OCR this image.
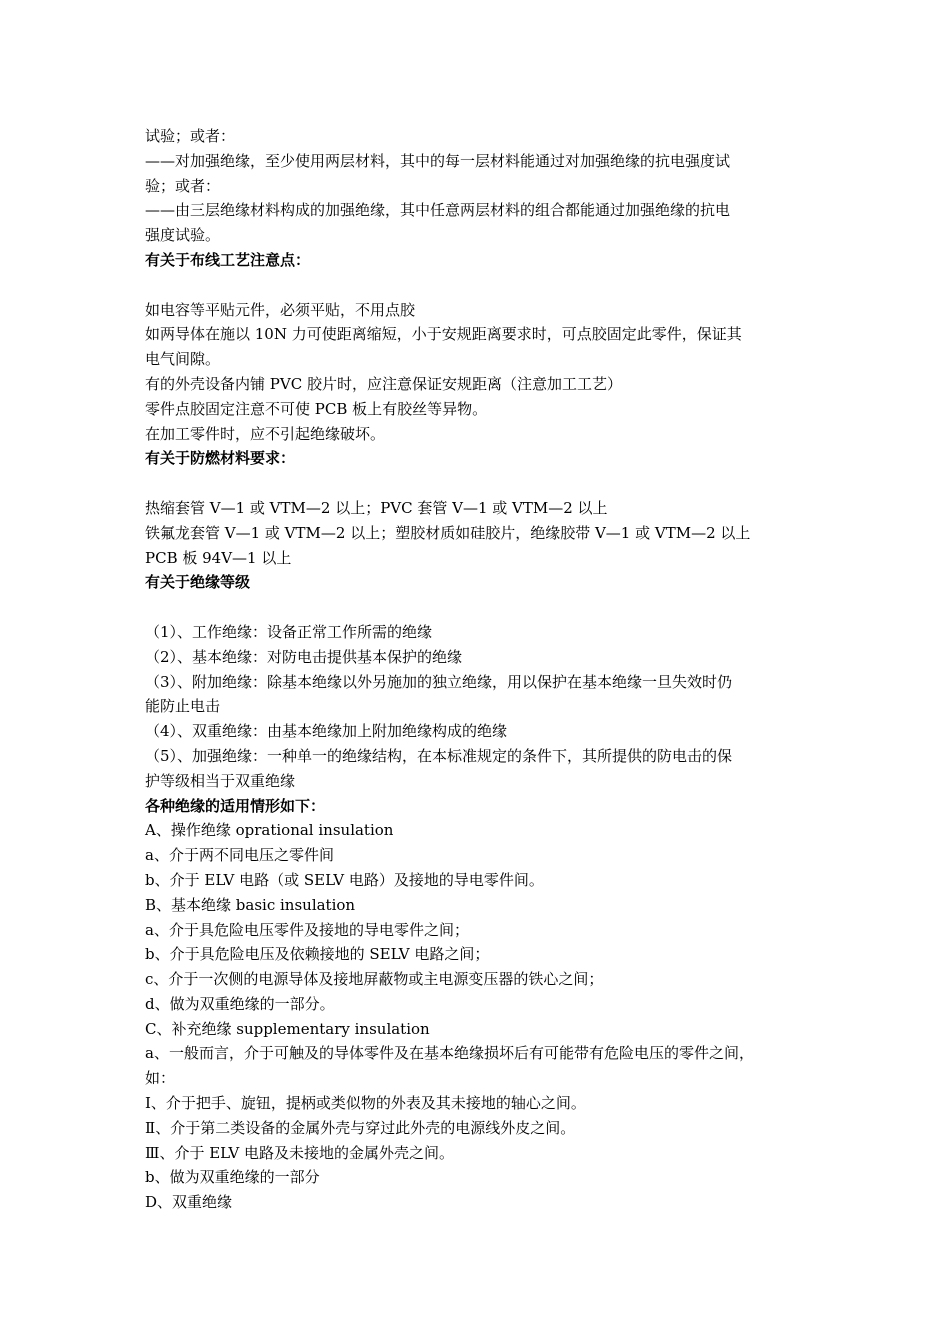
试验；或者：

——对加强绝缘，至少使用两层材料，其中的每一层材料能通过对加强绝缘的抗电强度试

验；或者：

——由三层绝缘材料构成的加强绝缘，其中任意两层材料的组合都能通过加强绝缘的抗电

强度试验。

有关于布线工艺注意点：

如电容等平贴元件，必须平贴，不用点胶

如两导体在施以 10N 力可使距离缩短，小于安规距离要求时，可点胶固定此零件，保证其

电气间隙。

有的外壳设备内铺 PVC 胶片时，应注意保证安规距离（注意加工工艺）

零件点胶固定注意不可使 PCB 板上有胶丝等异物。

在加工零件时，应不引起绝缘破坏。

有关于防燃材料要求：

热缩套管 V—1 或 VTM—2 以上；PVC 套管 V—1 或 VTM—2 以上

铁氟龙套管 V—1 或 VTM—2 以上；塑胶材质如硅胶片，绝缘胶带 V—1 或 VTM—2 以上

PCB 板 94V—1 以上

有关于绝缘等级

（1）、工作绝缘：设备正常工作所需的绝缘

（2）、基本绝缘：对防电击提供基本保护的绝缘

（3）、附加绝缘：除基本绝缘以外另施加的独立绝缘，用以保护在基本绝缘一旦失效时仍

能防止电击

（4）、双重绝缘：由基本绝缘加上附加绝缘构成的绝缘

（5）、加强绝缘：一种单一的绝缘结构，在本标准规定的条件下，其所提供的防电击的保

护等级相当于双重绝缘

各种绝缘的适用情形如下：

A、操作绝缘 oprational insulation

a、介于两不同电压之零件间

b、介于 ELV 电路（或 SELV 电路）及接地的导电零件间。

B、基本绝缘 basic insulation

a、介于具危险电压零件及接地的导电零件之间；

b、介于具危险电压及依赖接地的 SELV 电路之间；

c、介于一次侧的电源导体及接地屏蔽物或主电源变压器的铁心之间；

d、做为双重绝缘的一部分。

C、补充绝缘 supplementary insulation

a、一般而言，介于可触及的导体零件及在基本绝缘损坏后有可能带有危险电压的零件之间，

如：

Ⅰ、介于把手、旋钮，提柄或类似物的外表及其未接地的轴心之间。

Ⅱ、介于第二类设备的金属外壳与穿过此外壳的电源线外皮之间。

Ⅲ、介于 ELV 电路及未接地的金属外壳之间。

b、做为双重绝缘的一部分

D、双重绝缘
